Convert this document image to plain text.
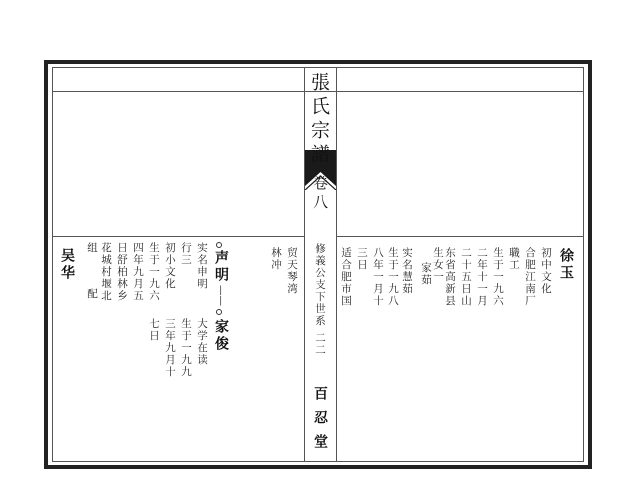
張氏宗譜
卷八
修義公支下世系
二二
百忍堂
徐玉
初中文化
合肥江南厂
職工
生于一九六
二年十一月
二十五日山
东省高新县
生女一
家茹
实名慧茹
生于一九八
八年一月十
三日
适合肥市国
贸天琴湾
林冲
声明
——
家俊
大学在读
生于一九九
三年九月十
七日
实名申明
行三
初小文化
生于一九六
四年九月五
日舒柏林乡
花城村堰北
组
配
吴华
